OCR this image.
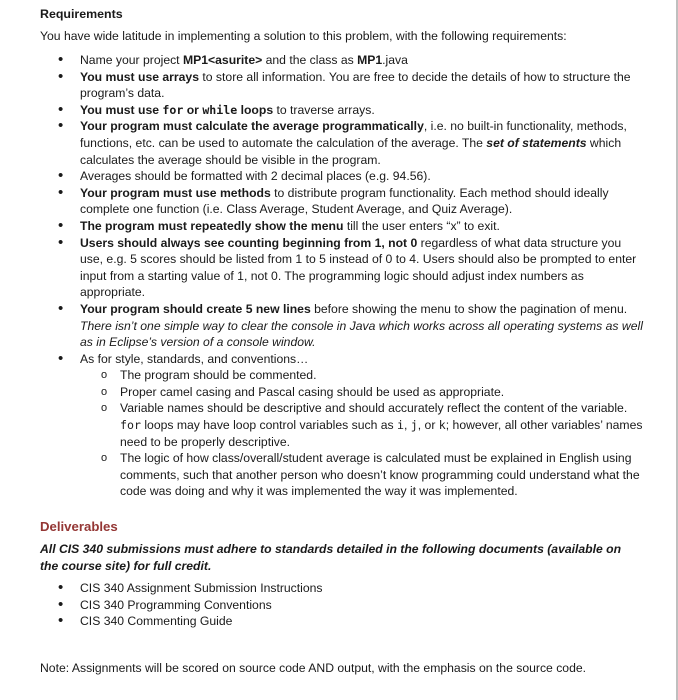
Requirements
You have wide latitude in implementing a solution to this problem, with the following requirements:
• Name your project MP1<asurite> and the class as MP1.java
• You must use arrays to store all information. You are free to decide the details of how to structure the program’s data.
• You must use for or while loops to traverse arrays.
• Your program must calculate the average programmatically, i.e. no built-in functionality, methods, functions, etc. can be used to automate the calculation of the average. The set of statements which calculates the average should be visible in the program.
• Averages should be formatted with 2 decimal places (e.g. 94.56).
• Your program must use methods to distribute program functionality. Each method should ideally complete one function (i.e. Class Average, Student Average, and Quiz Average).
• The program must repeatedly show the menu till the user enters “x” to exit.
• Users should always see counting beginning from 1, not 0 regardless of what data structure you use, e.g. 5 scores should be listed from 1 to 5 instead of 0 to 4. Users should also be prompted to enter input from a starting value of 1, not 0. The programming logic should adjust index numbers as appropriate.
• Your program should create 5 new lines before showing the menu to show the pagination of menu.
There isn’t one simple way to clear the console in Java which works across all operating systems as well as in Eclipse’s version of a console window.
• As for style, standards, and conventions…
o The program should be commented.
o Proper camel casing and Pascal casing should be used as appropriate.
o Variable names should be descriptive and should accurately reflect the content of the variable. for loops may have loop control variables such as i, j, or k; however, all other variables’ names need to be properly descriptive.
o The logic of how class/overall/student average is calculated must be explained in English using comments, such that another person who doesn’t know programming could understand what the code was doing and why it was implemented the way it was implemented.
Deliverables
All CIS 340 submissions must adhere to standards detailed in the following documents (available on the course site) for full credit.
• CIS 340 Assignment Submission Instructions
• CIS 340 Programming Conventions
• CIS 340 Commenting Guide
Note: Assignments will be scored on source code AND output, with the emphasis on the source code.
